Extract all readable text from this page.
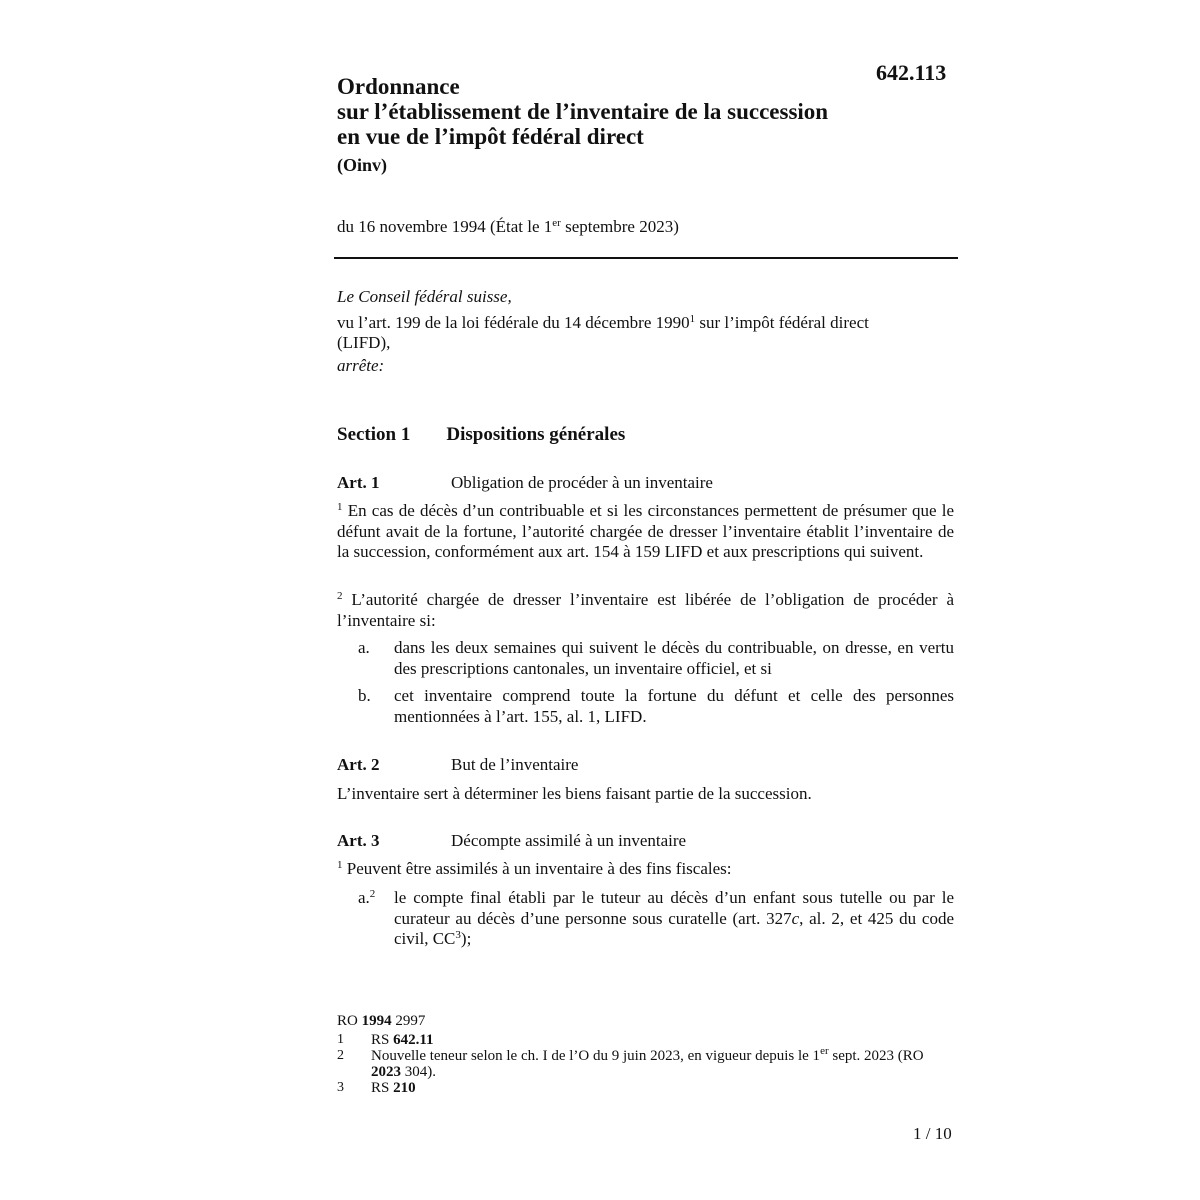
642.113
Ordonnance
sur l’établissement de l’inventaire de la succession
en vue de l’impôt fédéral direct
(Oinv)
du 16 novembre 1994 (État le 1er septembre 2023)
Le Conseil fédéral suisse,
vu l’art. 199 de la loi fédérale du 14 décembre 1990$^1$ sur l’impôt fédéral direct
(LIFD),
arrête:
Section 1 Dispositions générales
Art. 1	Obligation de procéder à un inventaire
$^1$ En cas de décès d’un contribuable et si les circonstances permettent de présumer que le défunt avait de la fortune, l’autorité chargée de dresser l’inventaire établit l’inventaire de la succession, conformément aux art. 154 à 159 LIFD et aux prescriptions qui suivent.
$^2$ L’autorité chargée de dresser l’inventaire est libérée de l’obligation de procéder à l’inventaire si:
a. dans les deux semaines qui suivent le décès du contribuable, on dresse, en vertu des prescriptions cantonales, un inventaire officiel, et si
b. cet inventaire comprend toute la fortune du défunt et celle des personnes mentionnées à l’art. 155, al. 1, LIFD.
Art. 2	But de l’inventaire
L’inventaire sert à déterminer les biens faisant partie de la succession.
Art. 3	Décompte assimilé à un inventaire
$^1$ Peuvent être assimilés à un inventaire à des fins fiscales:
a.$^2$ le compte final établi par le tuteur au décès d’un enfant sous tutelle ou par le curateur au décès d’une personne sous curatelle (art. 327c, al. 2, et 425 du code civil, $CC^3$);
RO 1994 2997
1 RS 642.11
2 Nouvelle teneur selon le ch. I de l’O du 9 juin 2023, en vigueur depuis le 1er sept. 2023 (RO 2023 304).
3 RS 210
1 / 10
